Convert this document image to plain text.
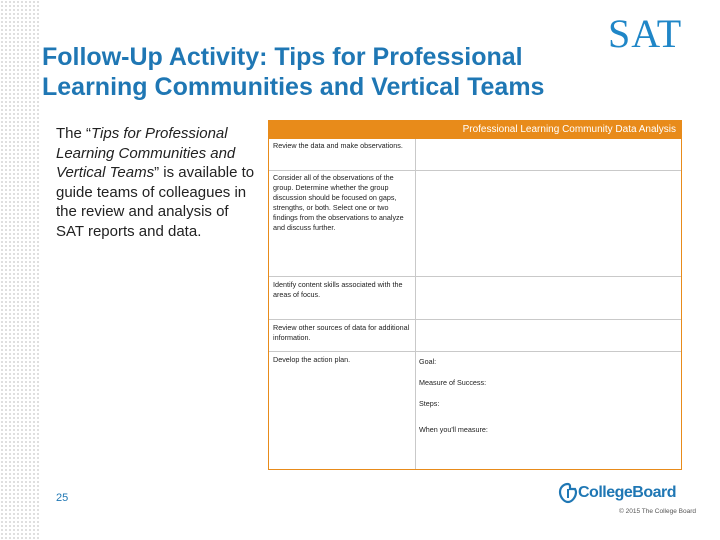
SAT
Follow-Up Activity: Tips for Professional
Learning Communities and Vertical Teams
The “Tips for Professional Learning Communities and Vertical Teams” is available to guide teams of colleagues in the review and analysis of SAT reports and data.
Professional Learning Community Data Analysis
Review the data and make observations.
Consider all of the observations of the group. Determine whether the group discussion should be focused on gaps, strengths, or both. Select one or two findings from the observations to analyze and discuss further.
Identify content skills associated with the areas of focus.
Review other sources of data for additional information.
Develop the action plan.	Goal:
Measure of Success:
Steps:
When you'll measure:
25	CollegeBoard
© 2015 The College Board
